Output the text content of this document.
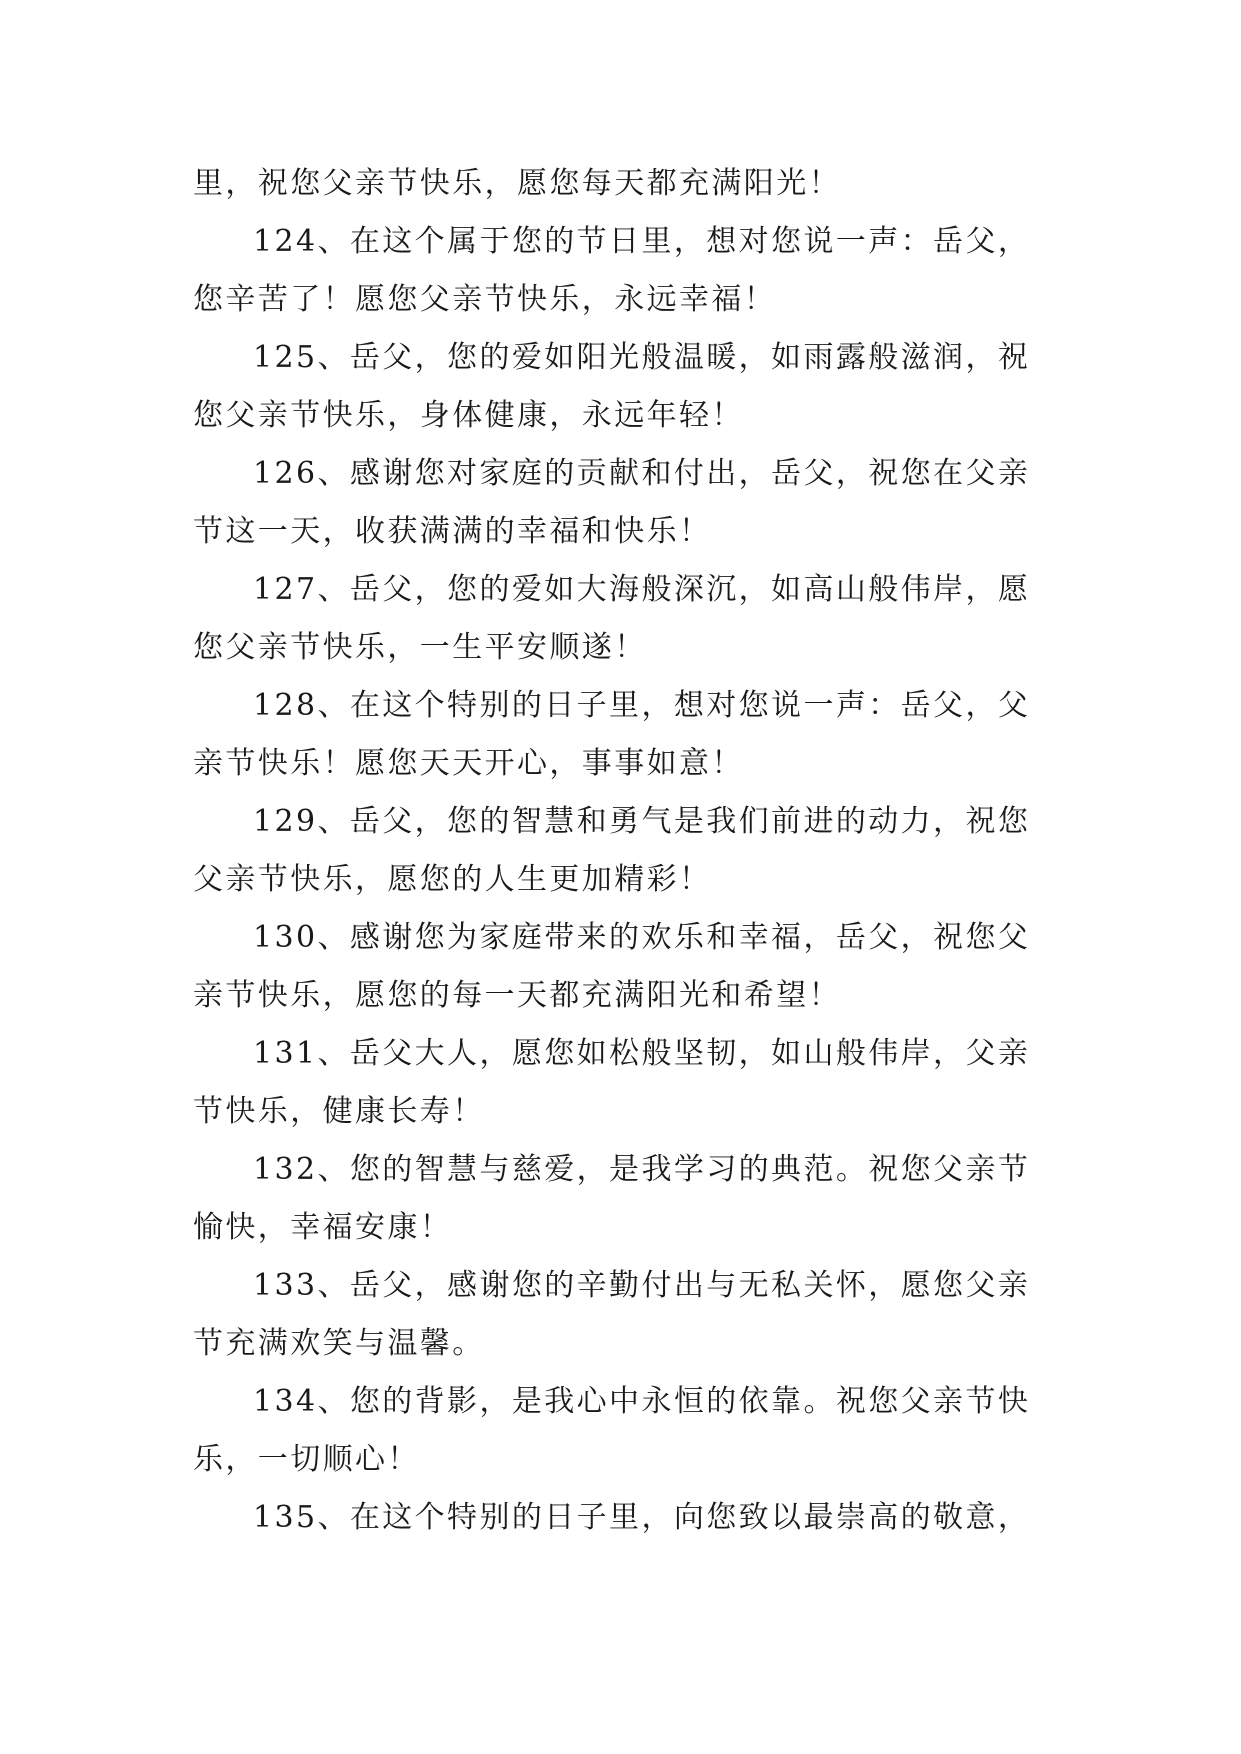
里，祝您父亲节快乐，愿您每天都充满阳光！
124、在这个属于您的节日里，想对您说一声：岳父，
您辛苦了！愿您父亲节快乐，永远幸福！
125、岳父，您的爱如阳光般温暖，如雨露般滋润，祝
您父亲节快乐，身体健康，永远年轻！
126、感谢您对家庭的贡献和付出，岳父，祝您在父亲
节这一天，收获满满的幸福和快乐！
127、岳父，您的爱如大海般深沉，如高山般伟岸，愿
您父亲节快乐，一生平安顺遂！
128、在这个特别的日子里，想对您说一声：岳父，父
亲节快乐！愿您天天开心，事事如意！
129、岳父，您的智慧和勇气是我们前进的动力，祝您
父亲节快乐，愿您的人生更加精彩！
130、感谢您为家庭带来的欢乐和幸福，岳父，祝您父
亲节快乐，愿您的每一天都充满阳光和希望！
131、岳父大人，愿您如松般坚韧，如山般伟岸，父亲
节快乐，健康长寿！
132、您的智慧与慈爱，是我学习的典范。祝您父亲节
愉快，幸福安康！
133、岳父，感谢您的辛勤付出与无私关怀，愿您父亲
节充满欢笑与温馨。
134、您的背影，是我心中永恒的依靠。祝您父亲节快
乐，一切顺心！
135、在这个特别的日子里，向您致以最崇高的敬意，
